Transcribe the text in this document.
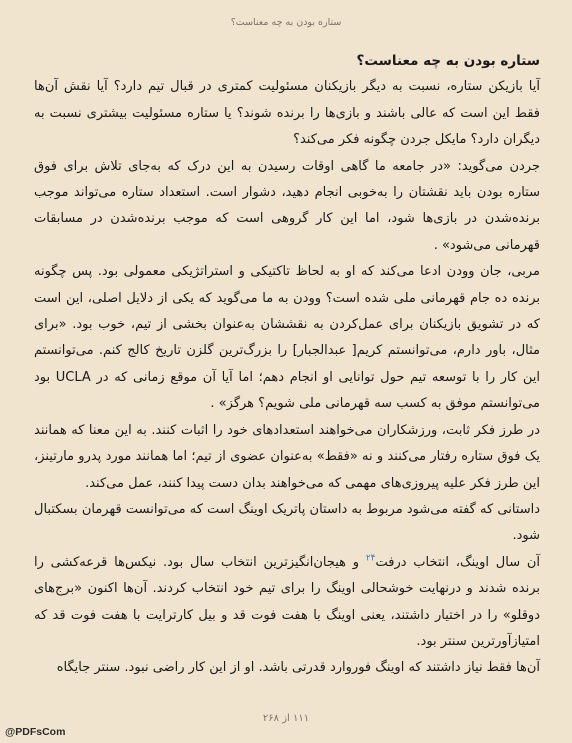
ستاره بودن به چه معناست؟

ستاره بودن به چه معناست؟

آیا بازیکن ستاره، نسبت به دیگر بازیکنان مسئولیت کمتری در قبال تیم دارد؟ آیا نقش آن‌ها فقط این است که عالی باشند و بازی‌ها را برنده شوند؟ یا ستاره مسئولیت بیشتری نسبت به دیگران دارد؟ مایکل جردن چگونه فکر می‌کند؟

جردن می‌گوید: «در جامعه ما گاهی اوقات رسیدن به این درک که به‌جای تلاش برای فوق ستاره بودن باید نقشتان را به‌خوبی انجام دهید، دشوار است. استعداد ستاره می‌تواند موجب برنده‌شدن در بازی‌ها شود، اما این کار گروهی است که موجب برنده‌شدن در مسابقات قهرمانی می‌شود» .

مربی، جان وودن ادعا می‌کند که او به لحاظ تاکتیکی و استراتژیکی معمولی بود. پس چگونه برنده ده جام قهرمانی ملی شده است؟ وودن به ما می‌گوید که یکی از دلایل اصلی، این است که در تشویق بازیکنان برای عمل‌کردن به نقششان به‌عنوان بخشی از تیم، خوب بود. «برای مثال، باور دارم، می‌توانستم کریم[ عبدالجبار] را بزرگ‌ترین گلزن تاریخ کالج کنم. می‌توانستم این کار را با توسعه تیم حول توانایی او انجام دهم؛ اما آیا آن موقع زمانی که در UCLA بود می‌توانستم موفق به کسب سه قهرمانی ملی شویم؟ هرگز» .

در طرز فکر ثابت، ورزشکاران می‌خواهند استعدادهای خود را اثبات کنند. به این معنا که همانند یک فوق ستاره رفتار می‌کنند و نه «فقط» به‌عنوان عضوی از تیم؛ اما همانند مورد پدرو مارتینز، این طرز فکر علیه پیروزی‌های مهمی که می‌خواهند بدان دست پیدا کنند، عمل می‌کند.

داستانی که گفته می‌شود مربوط به داستان پاتریک اوینگ است که می‌توانست قهرمان بسکتبال شود.

آن سال اوینگ، انتخاب درفت$^{۲۴}$ و هیجان‌انگیزترین انتخاب سال بود. نیکس‌ها قرعه‌کشی را برنده شدند و درنهایت خوشحالی اوینگ را برای تیم خود انتخاب کردند. آن‌ها اکنون «برج‌های دوقلو» را در اختیار داشتند، یعنی اوینگ با هفت فوت قد و بیل کارترایت با هفت فوت قد که امتیازآورترین سنتر بود.

آن‌ها فقط نیاز داشتند که اوینگ فوروارد قدرتی باشد. او از این کار راضی نبود. سنتر جایگاه

۱۱۱ از ۲۶۸
@PDFsCom
